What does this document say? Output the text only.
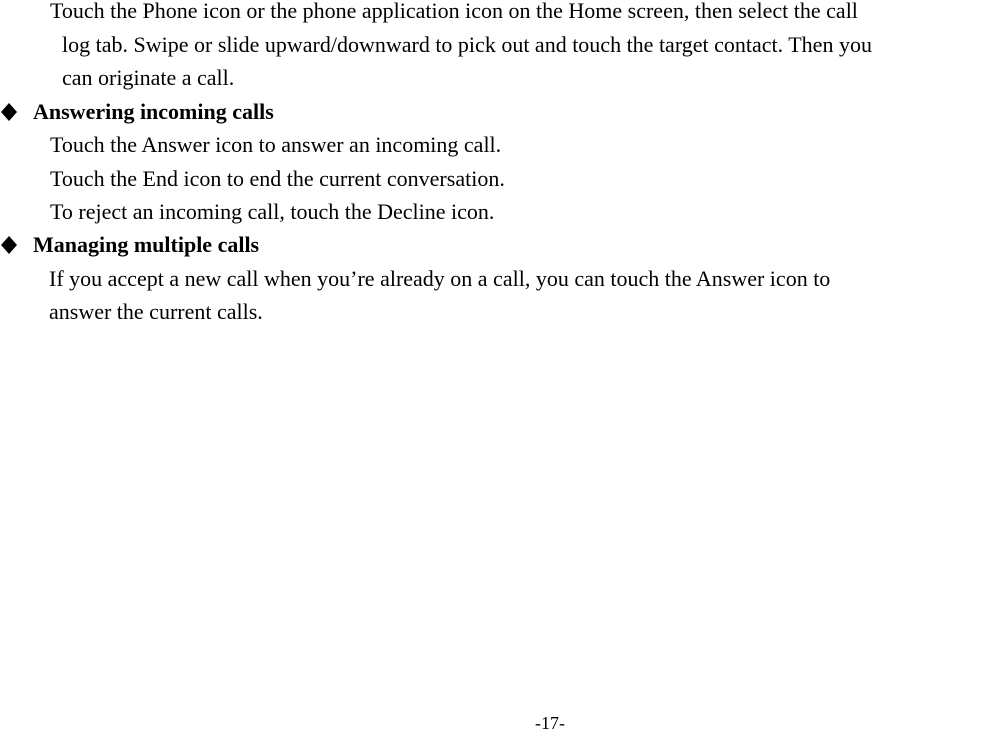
Touch the Phone icon or the phone application icon on the Home screen, then select the call
log tab. Swipe or slide upward/downward to pick out and touch the target contact. Then you
can originate a call.
Answering incoming calls
Touch the Answer icon to answer an incoming call.
Touch the End icon to end the current conversation.
To reject an incoming call, touch the Decline icon.
Managing multiple calls
If you accept a new call when you’re already on a call, you can touch the Answer icon to
answer the current calls.
-17-
